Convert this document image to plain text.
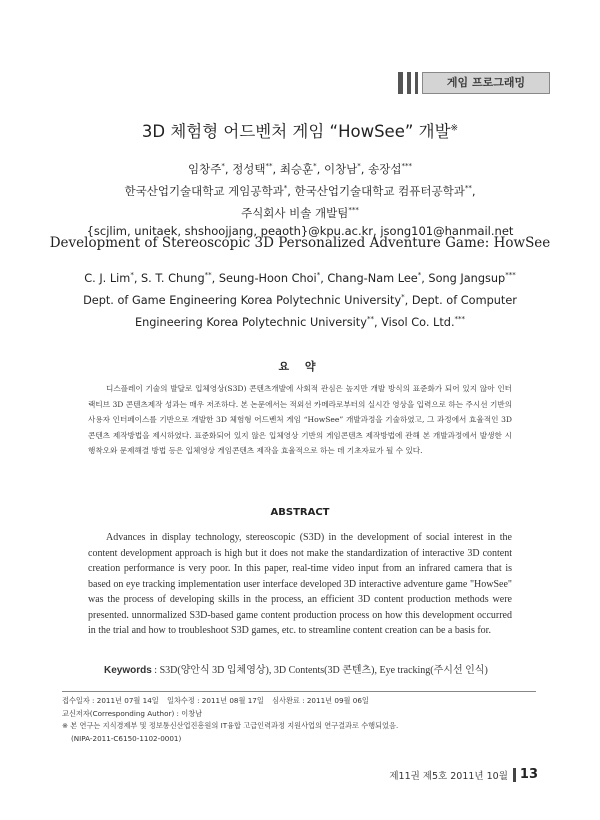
게임 프로그래밍
3D 체험형 어드벤처 게임 “HowSee” 개발※
임창주*, 정성택**, 최승훈*, 이창남*, 송장섭***
한국산업기술대학교 게임공학과*, 한국산업기술대학교 컴퓨터공학과**,
주식회사 비솔 개발팀***
{scjlim, unitaek, shshoojjang, peaoth}@kpu.ac.kr, jsong101@hanmail.net
Development of Stereoscopic 3D Personalized Adventure Game: HowSee
C. J. Lim*, S. T. Chung**, Seung-Hoon Choi*, Chang-Nam Lee*, Song Jangsup***
Dept. of Game Engineering Korea Polytechnic University*, Dept. of Computer
Engineering Korea Polytechnic University**, Visol Co. Ltd.***
요 약
디스플레이 기술의 발달로 입체영상(S3D) 콘텐츠개발에 사회적 관심은 높지만 개발 방식의 표준화가 되어 있지 않아 인터랙티브 3D 콘텐츠제작 성과는 매우 저조하다. 본 논문에서는 적외선 카메라로부터의 실시간 영상을 입력으로 하는 주시선 기반의 사용자 인터페이스를 기반으로 개발한 3D 체험형 어드벤처 게임 “HowSee” 개발과정을 기술하였고, 그 과정에서 효율적인 3D 콘텐츠 제작방법을 제시하였다. 표준화되어 있지 않은 입체영상 기반의 게임콘텐츠 제작방법에 관해 본 개발과정에서 발생한 시행착오와 문제해결 방법 등은 입체영상 게임콘텐츠 제작을 효율적으로 하는 데 기초자료가 될 수 있다.
ABSTRACT
Advances in display technology, stereoscopic (S3D) in the development of social interest in the content development approach is high but it does not make the standardization of interactive 3D content creation performance is very poor. In this paper, real-time video input from an infrared camera that is based on eye tracking implementation user interface developed 3D interactive adventure game "HowSee" was the process of developing skills in the process, an efficient 3D content production methods were presented. unnormalized S3D-based game content production process on how this development occurred in the trial and how to troubleshoot S3D games, etc. to streamline content creation can be a basis for.
Keywords : S3D(양안식 3D 입체영상), 3D Contents(3D 콘텐츠), Eye tracking(주시선 인식)
접수일자 : 2011년 07월 14일 일차수정 : 2011년 08월 17일 심사완료 : 2011년 09월 06일
교신저자(Corresponding Author) : 이창남
※ 본 연구는 지식경제부 및 정보통신산업진흥원의 IT융합 고급인력과정 지원사업의 연구결과로 수행되었음.
(NIPA-2011-C6150-1102-0001)
제11권 제5호 2011년 10월 13
